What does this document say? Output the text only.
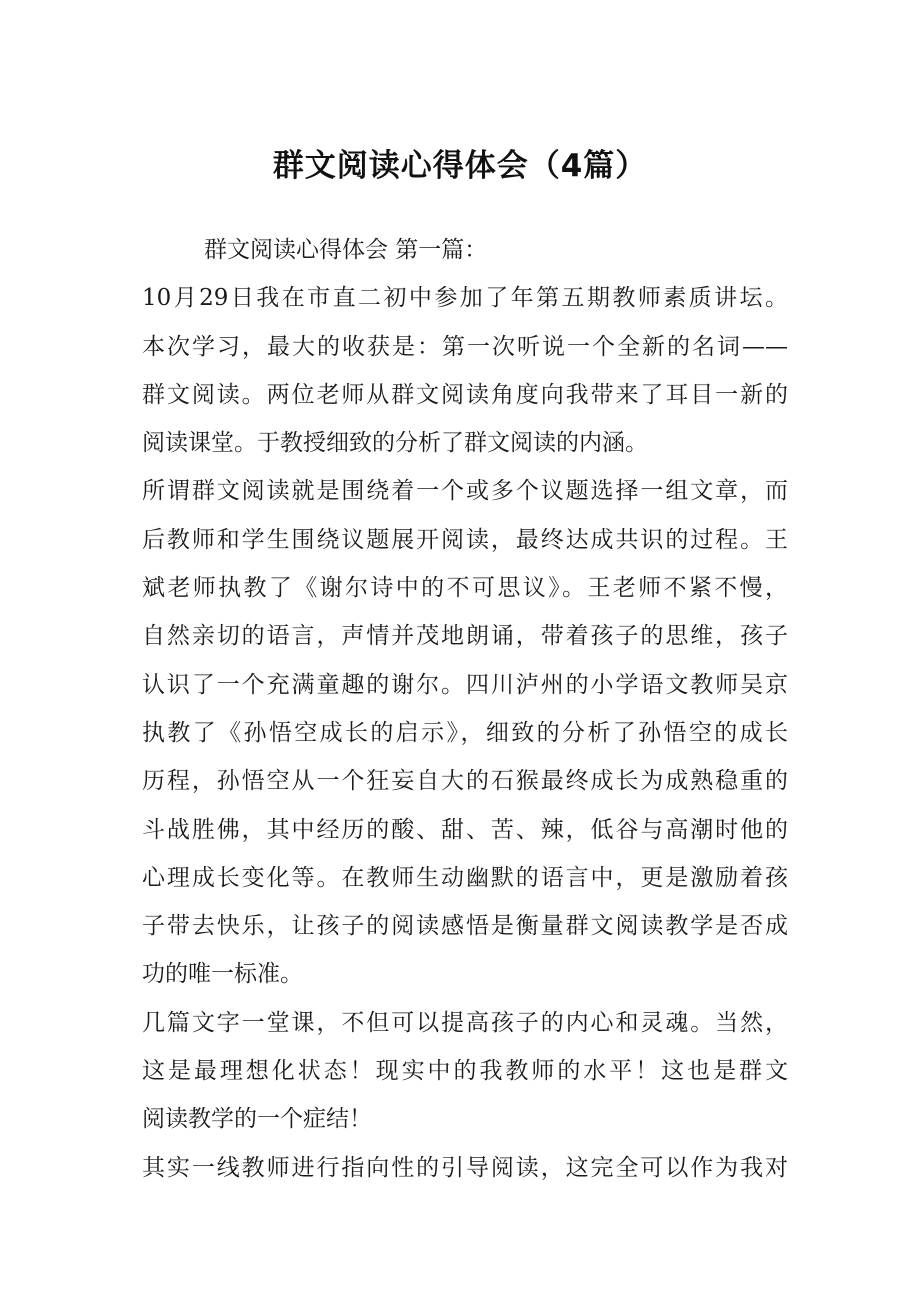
群文阅读心得体会（4篇）
群文阅读心得体会 第一篇：
10月29日我在市直二初中参加了年第五期教师素质讲坛。
本次学习，最大的收获是：第一次听说一个全新的名词——
群文阅读。两位老师从群文阅读角度向我带来了耳目一新的
阅读课堂。于教授细致的分析了群文阅读的内涵。
所谓群文阅读就是围绕着一个或多个议题选择一组文章，而
后教师和学生围绕议题展开阅读，最终达成共识的过程。王
斌老师执教了《谢尔诗中的不可思议》。王老师不紧不慢，
自然亲切的语言，声情并茂地朗诵，带着孩子的思维，孩子
认识了一个充满童趣的谢尔。四川泸州的小学语文教师吴京
执教了《孙悟空成长的启示》，细致的分析了孙悟空的成长
历程，孙悟空从一个狂妄自大的石猴最终成长为成熟稳重的
斗战胜佛，其中经历的酸、甜、苦、辣，低谷与高潮时他的
心理成长变化等。在教师生动幽默的语言中，更是激励着孩
子带去快乐，让孩子的阅读感悟是衡量群文阅读教学是否成
功的唯一标准。
几篇文字一堂课，不但可以提高孩子的内心和灵魂。当然，
这是最理想化状态！现实中的我教师的水平！这也是群文
阅读教学的一个症结！
其实一线教师进行指向性的引导阅读，这完全可以作为我对
